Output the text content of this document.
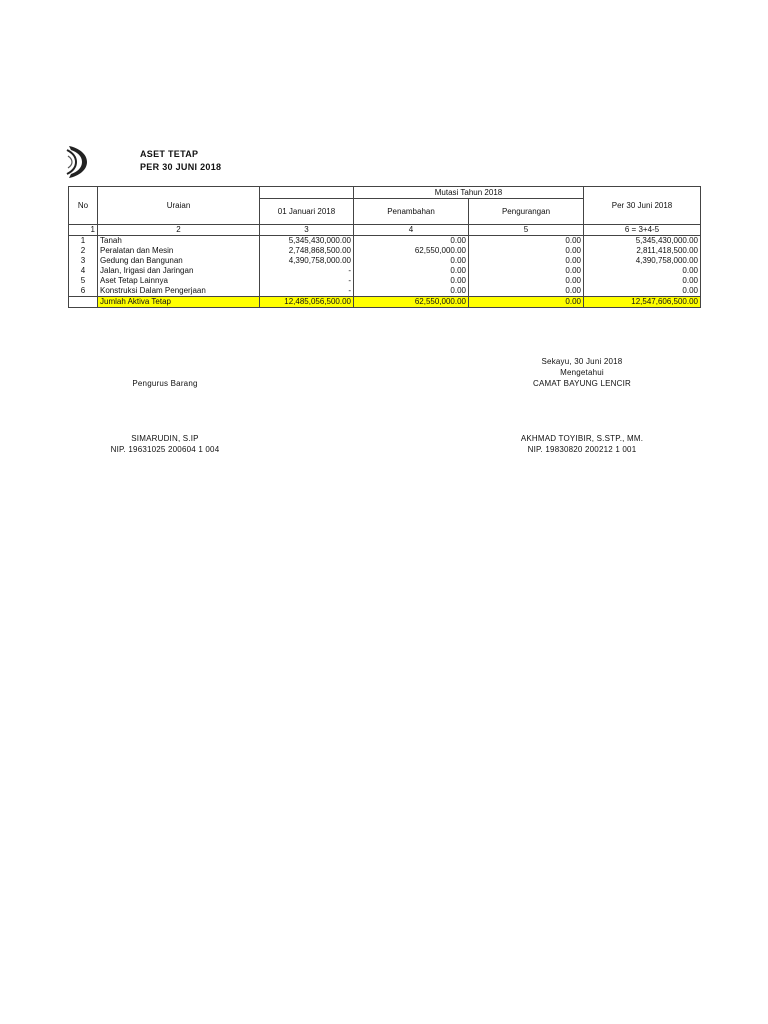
ASET TETAP
PER 30 JUNI 2018
No	Uraian		Mutasi Tahun 2018		Per 30 Juni 2018
		01 Januari 2018	Penambahan	Pengurangan	
1	2	3	4	5	6 = 3+4-5
1	Tanah	5,345,430,000.00	0.00	0.00	5,345,430,000.00
2	Peralatan dan Mesin	2,748,868,500.00	62,550,000.00	0.00	2,811,418,500.00
3	Gedung dan Bangunan	4,390,758,000.00	0.00	0.00	4,390,758,000.00
4	Jalan, Irigasi dan Jaringan	-	0.00	0.00	0.00
5	Aset Tetap Lainnya	-	0.00	0.00	0.00
6	Konstruksi Dalam Pengerjaan	-	0.00	0.00	0.00
	Jumlah Aktiva Tetap	12,485,056,500.00	62,550,000.00	0.00	12,547,606,500.00
Sekayu, 30 Juni 2018
Mengetahui
CAMAT BAYUNG LENCIR
Pengurus Barang
SIMARUDIN, S.IP
NIP. 19631025 200604 1 004
AKHMAD TOYIBIR, S.STP., MM.
NIP. 19830820 200212 1 001
